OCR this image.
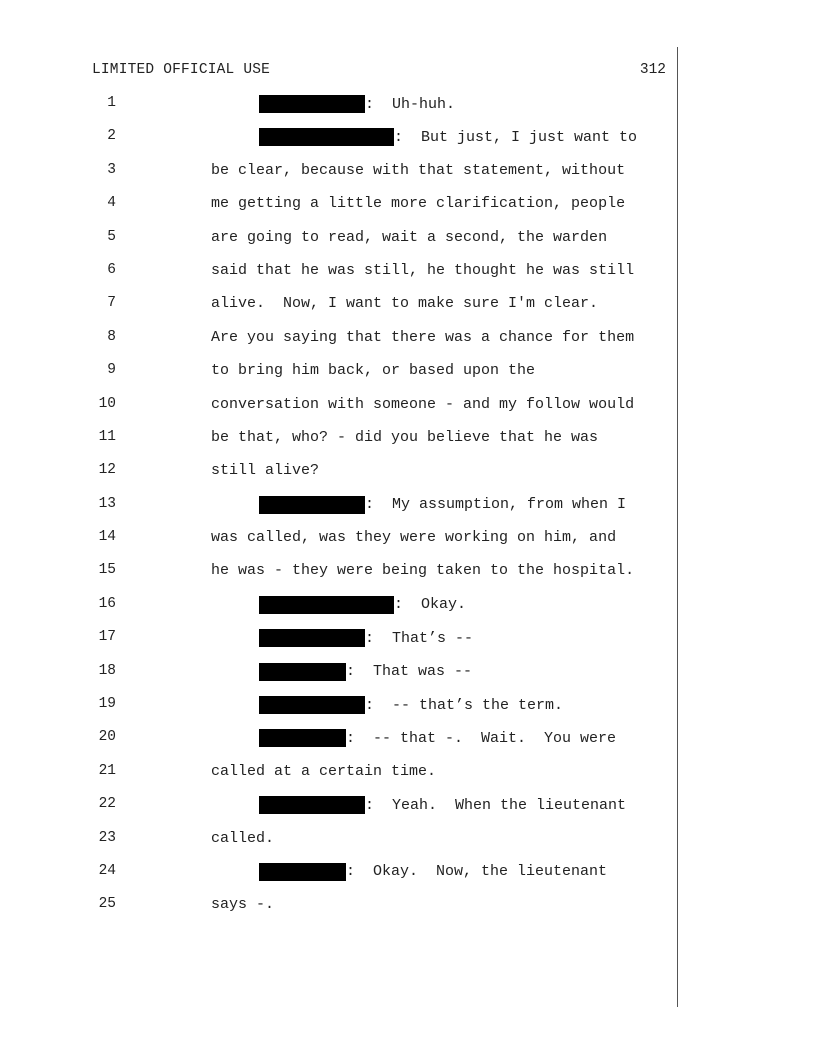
LIMITED OFFICIAL USE	312
1	:  Uh-huh.
2	:  But just, I just want to
3	be clear, because with that statement, without
4	me getting a little more clarification, people
5	are going to read, wait a second, the warden
6	said that he was still, he thought he was still
7	alive.  Now, I want to make sure I'm clear.
8	Are you saying that there was a chance for them
9	to bring him back, or based upon the
10	conversation with someone - and my follow would
11	be that, who? - did you believe that he was
12	still alive?
13	:  My assumption, from when I
14	was called, was they were working on him, and
15	he was - they were being taken to the hospital.
16	:  Okay.
17	:  That’s --
18	:  That was --
19	:  -- that’s the term.
20	:  -- that -.  Wait.  You were
21	called at a certain time.
22	:  Yeah.  When the lieutenant
23	called.
24	:  Okay.  Now, the lieutenant
25	says -.
